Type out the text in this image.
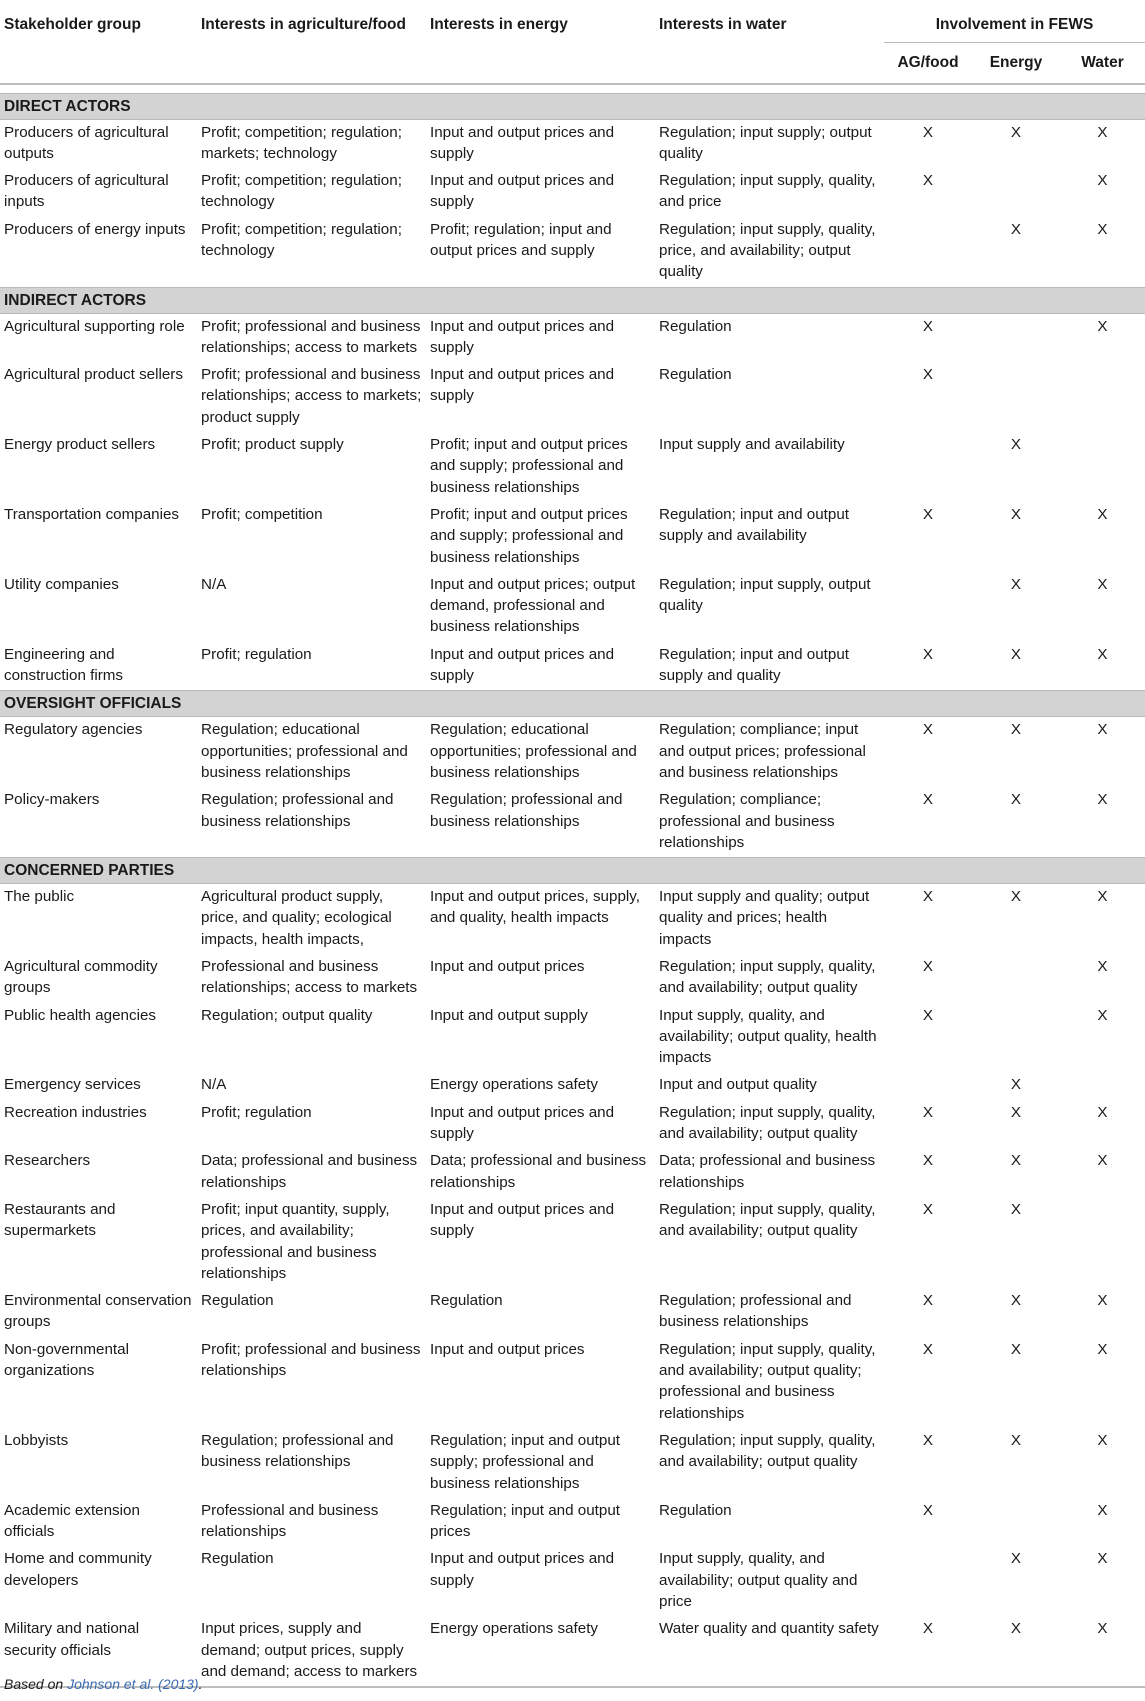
Stakeholder group	Interests in agriculture/food	Interests in energy	Interests in water	Involvement in FEWS		
				AG/food	Energy	Water

DIRECT ACTORS						
Producers of agricultural outputs	Profit; competition; regulation; markets; technology	Input and output prices and supply	Regulation; input supply; output quality	X	X	X
Producers of agricultural inputs	Profit; competition; regulation; technology	Input and output prices and supply	Regulation; input supply, quality, and price	X		X
Producers of energy inputs	Profit; competition; regulation; technology	Profit; regulation; input and output prices and supply	Regulation; input supply, quality, price, and availability; output quality		X	X
INDIRECT ACTORS						
Agricultural supporting role	Profit; professional and business relationships; access to markets	Input and output prices and supply	Regulation	X		X
Agricultural product sellers	Profit; professional and business relationships; access to markets; product supply	Input and output prices and supply	Regulation	X		
Energy product sellers	Profit; product supply	Profit; input and output prices and supply; professional and business relationships	Input supply and availability		X	
Transportation companies	Profit; competition	Profit; input and output prices and supply; professional and business relationships	Regulation; input and output supply and availability	X	X	X
Utility companies	N/A	Input and output prices; output demand, professional and business relationships	Regulation; input supply, output quality		X	X
Engineering and construction firms	Profit; regulation	Input and output prices and supply	Regulation; input and output supply and quality	X	X	X
OVERSIGHT OFFICIALS						
Regulatory agencies	Regulation; educational opportunities; professional and business relationships	Regulation; educational opportunities; professional and business relationships	Regulation; compliance; input and output prices; professional and business relationships	X	X	X
Policy-makers	Regulation; professional and business relationships	Regulation; professional and business relationships	Regulation; compliance; professional and business relationships	X	X	X
CONCERNED PARTIES						
The public	Agricultural product supply, price, and quality; ecological impacts, health impacts,	Input and output prices, supply, and quality, health impacts	Input supply and quality; output quality and prices; health impacts	X	X	X
Agricultural commodity groups	Professional and business relationships; access to markets	Input and output prices	Regulation; input supply, quality, and availability; output quality	X		X
Public health agencies	Regulation; output quality	Input and output supply	Input supply, quality, and availability; output quality, health impacts	X		X
Emergency services	N/A	Energy operations safety	Input and output quality		X	
Recreation industries	Profit; regulation	Input and output prices and supply	Regulation; input supply, quality, and availability; output quality	X	X	X
Researchers	Data; professional and business relationships	Data; professional and business relationships	Data; professional and business relationships	X	X	X
Restaurants and supermarkets	Profit; input quantity, supply, prices, and availability; professional and business relationships	Input and output prices and supply	Regulation; input supply, quality, and availability; output quality	X	X	
Environmental conservation groups	Regulation	Regulation	Regulation; professional and business relationships	X	X	X
Non-governmental organizations	Profit; professional and business relationships	Input and output prices	Regulation; input supply, quality, and availability; output quality; professional and business relationships	X	X	X
Lobbyists	Regulation; professional and business relationships	Regulation; input and output supply; professional and business relationships	Regulation; input supply, quality, and availability; output quality	X	X	X
Academic extension officials	Professional and business relationships	Regulation; input and output prices	Regulation	X		X
Home and community developers	Regulation	Input and output prices and supply	Input supply, quality, and availability; output quality and price		X	X
Military and national security officials	Input prices, supply and demand; output prices, supply and demand; access to markers	Energy operations safety	Water quality and quantity safety	X	X	X
Based on Johnson et al. (2013).
